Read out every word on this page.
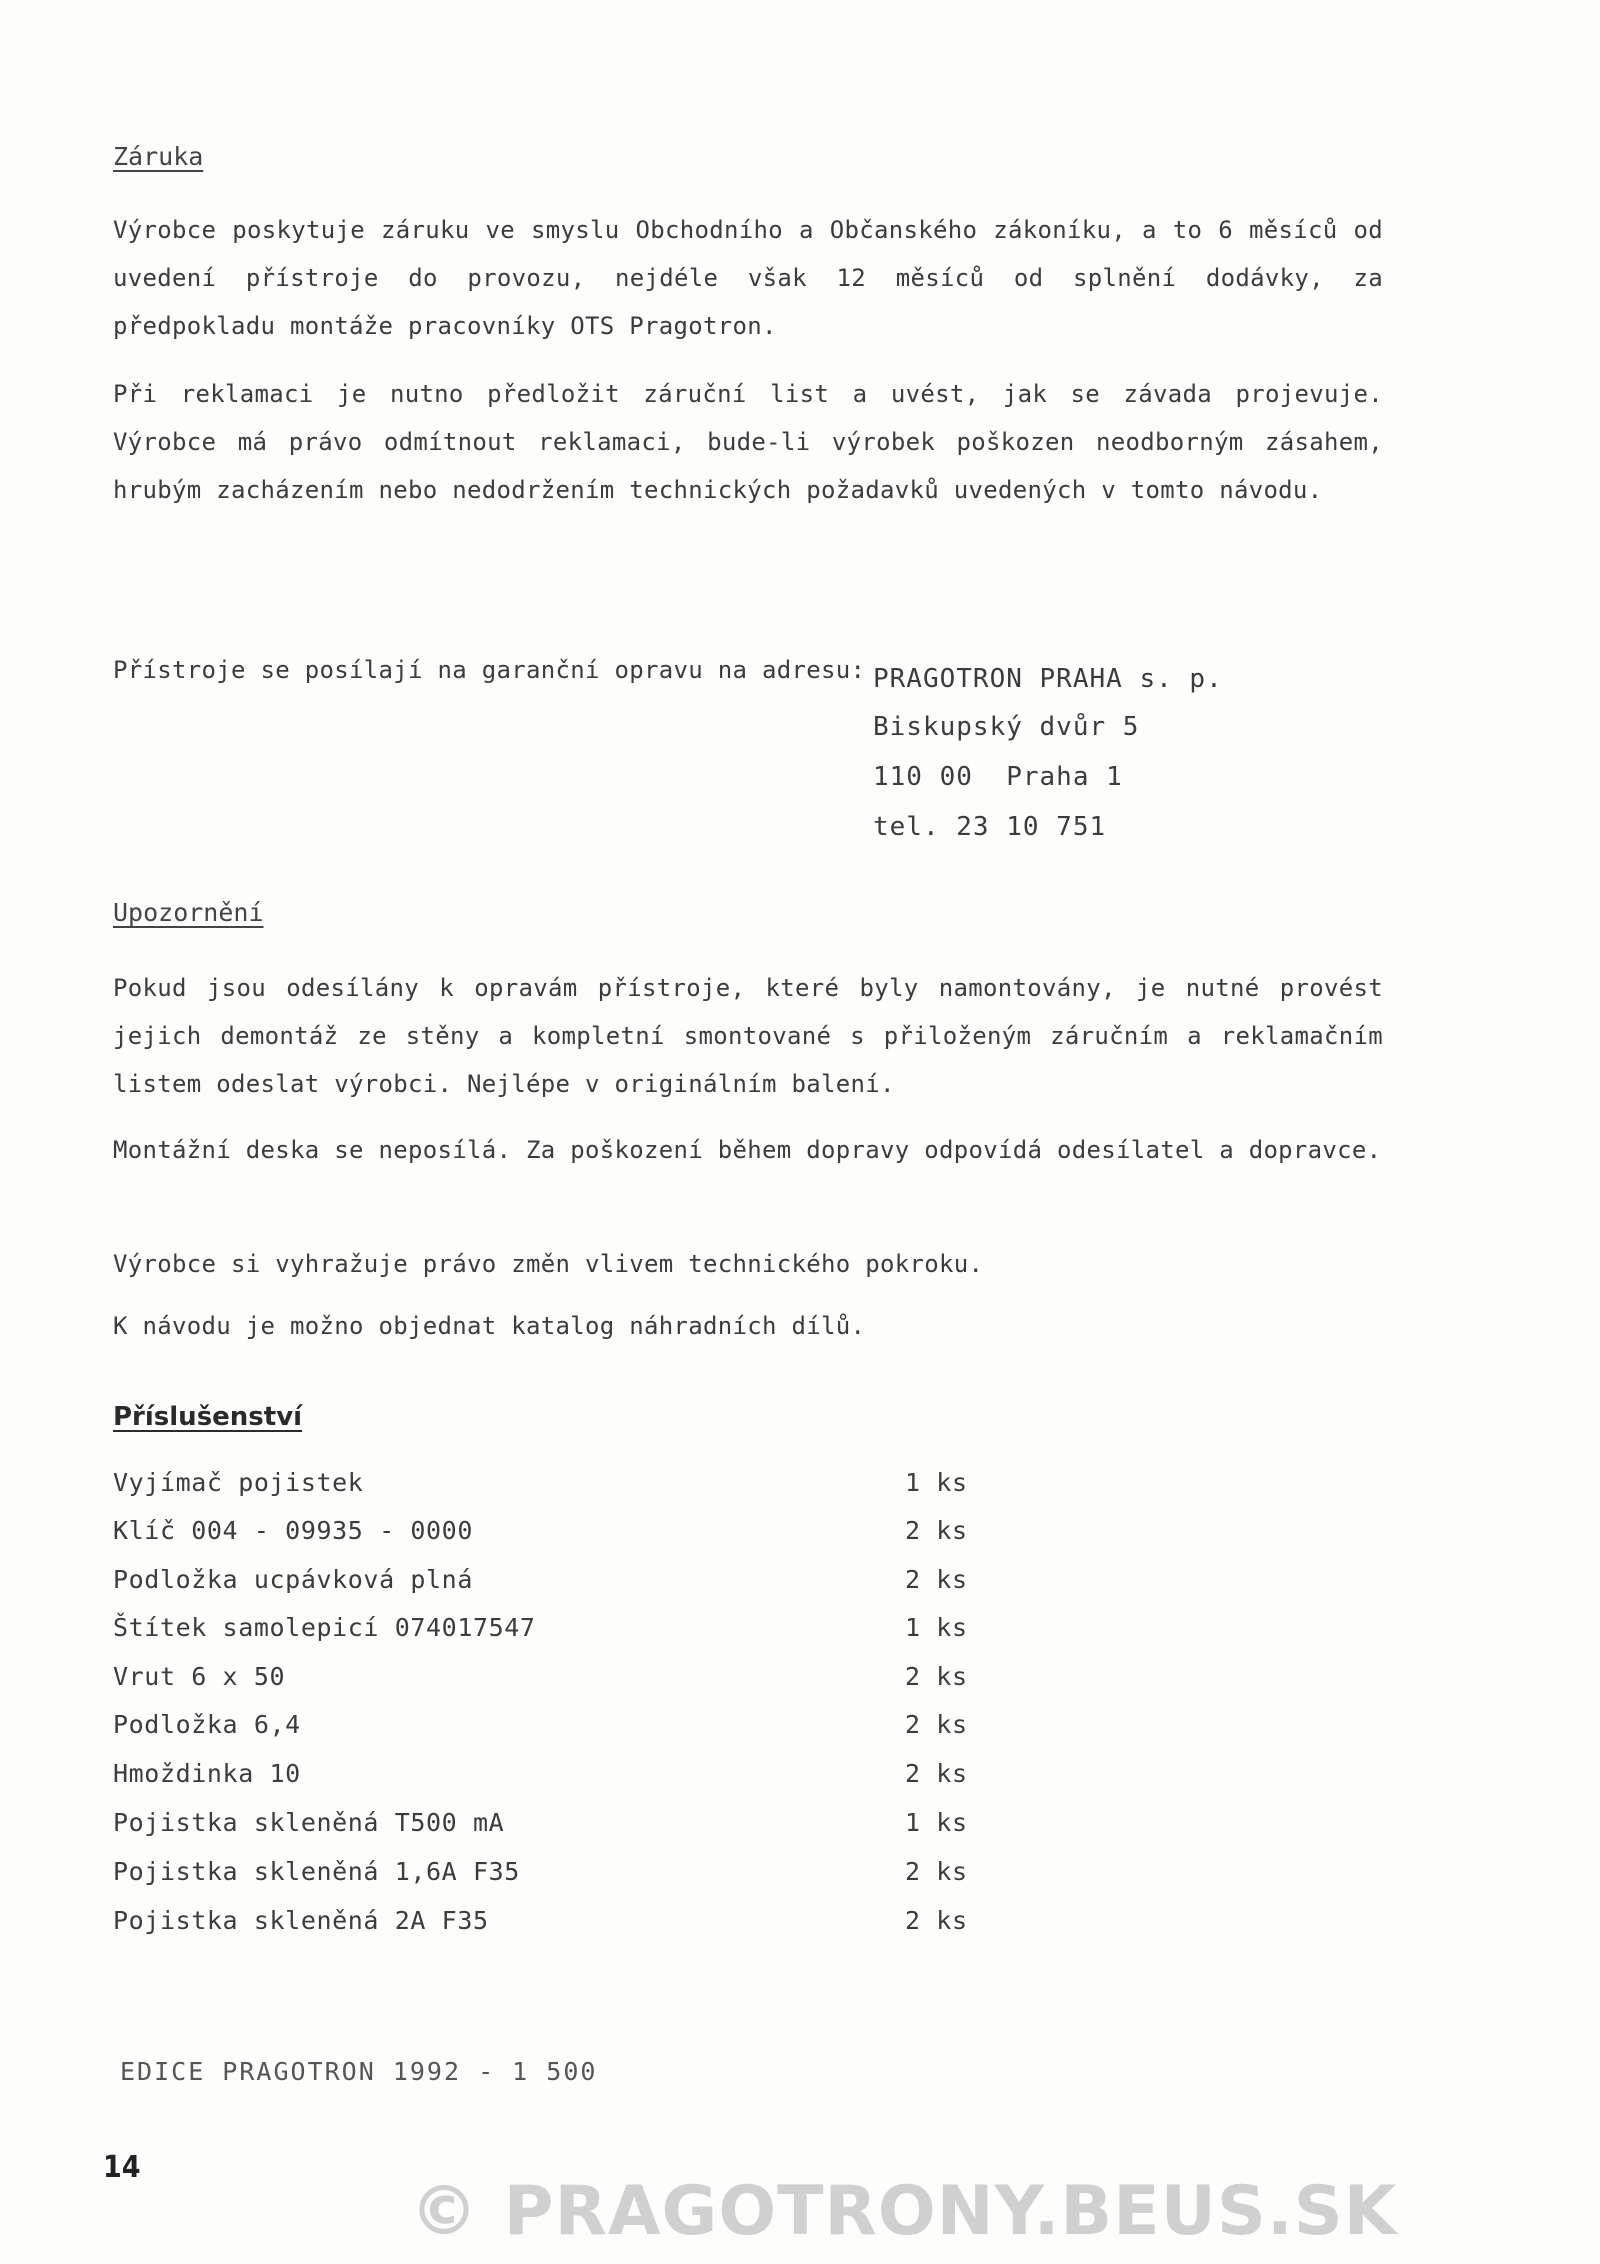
Záruka
Výrobce poskytuje záruku ve smyslu Obchodního a Občanského zákoníku, a to 6 měsíců od uvedení přístroje do provozu, nejdéle však 12 měsíců od splnění dodávky, za předpokladu montáže pracovníky OTS Pragotron.
Při reklamaci je nutno předložit záruční list a uvést, jak se závada projevuje. Výrobce má právo odmítnout reklamaci, bude-li výrobek poškozen neodborným zásahem, hrubým zacházením nebo nedodržením technických požadavků uvedených v tomto návodu.
Přístroje se posílají na garanční opravu na adresu: PRAGOTRON PRAHA s. p.
Biskupský dvůr 5
110 00  Praha 1
tel. 23 10 751
Upozornění
Pokud jsou odesílány k opravám přístroje, které byly namontovány, je nutné provést jejich demontáž ze stěny a kompletní smontované s přiloženým záručním a reklamačním listem odeslat výrobci. Nejlépe v originálním balení.
Montážní deska se neposílá. Za poškození během dopravy odpovídá odesílatel a dopravce.
Výrobce si vyhražuje právo změn vlivem technického pokroku.
K návodu je možno objednat katalog náhradních dílů.
Příslušenství
Vyjímač pojistek	1 ks
Klíč 004 - 09935 - 0000	2 ks
Podložka ucpávková plná	2 ks
Štítek samolepicí 074017547	1 ks
Vrut 6 x 50	2 ks
Podložka 6,4	2 ks
Hmoždinka 10	2 ks
Pojistka skleněná T500 mA	1 ks
Pojistka skleněná 1,6A F35	2 ks
Pojistka skleněná 2A F35	2 ks
EDICE PRAGOTRON 1992 - 1 500
14
© PRAGOTRONY.BEUS.SK
